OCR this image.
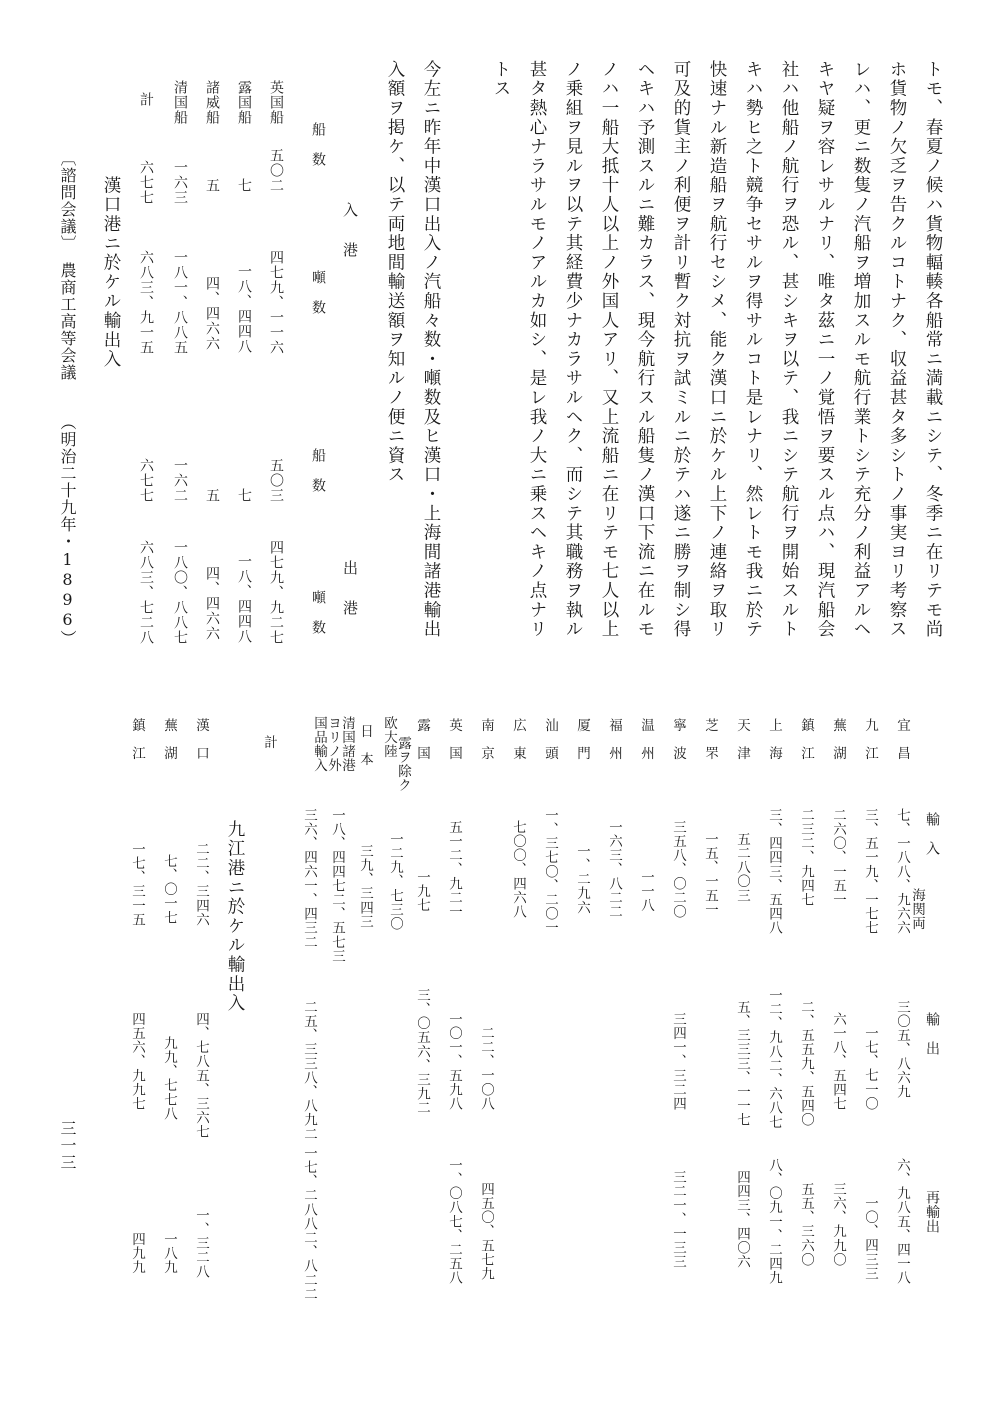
トモ、春夏ノ候ハ貨物輻輳各船常ニ満載ニシテ、冬季ニ在リテモ尚
ホ貨物ノ欠乏ヲ告クルコトナク、収益甚タ多シトノ事実ヨリ考察ス
レハ、更ニ数隻ノ汽船ヲ増加スルモ航行業トシテ充分ノ利益アルヘ
キヤ疑ヲ容レサルナリ、唯タ茲ニ一ノ覚悟ヲ要スル点ハ、現汽船会
社ハ他船ノ航行ヲ恐ル、甚シキヲ以テ、我ニシテ航行ヲ開始スルト
キハ勢ヒ之ト競争セサルヲ得サルコト是レナリ、然レトモ我ニ於テ
快速ナル新造船ヲ航行セシメ、能ク漢口ニ於ケル上下ノ連絡ヲ取リ
可及的貨主ノ利便ヲ計リ暫ク対抗ヲ試ミルニ於テハ遂ニ勝ヲ制シ得
ヘキハ予測スルニ難カラス、現今航行スル船隻ノ漢口下流ニ在ルモ
ノハ一船大抵十人以上ノ外国人アリ、又上流船ニ在リテモ七人以上
ノ乗組ヲ見ルヲ以テ其経費少ナカラサルヘク、而シテ其職務ヲ執ル
甚タ熱心ナラサルモノアルカ如シ、是レ我ノ大ニ乗スヘキノ点ナリ
トス
今左ニ昨年中漢口出入ノ汽船々数・噸数及ヒ漢口・上海間諸港輸出
入額ヲ掲ケ、以テ両地間輸送額ヲ知ルノ便ニ資ス
入　港
出　港
船　数
噸　数
船　数
噸　数
英国船
五〇二
四七九、一一六
五〇三
四七九、九二七
露国船
七
一八、四四八
七
一八、四四八
諸威船
五
四、四六六
五
四、四六六
清国船
一六三
一八一、八八五
一六二
一八〇、八八七
計
六七七
六八三、九一五
六七七
六八三、七二八
漢口港ニ於ケル輸出入
輸　入
輸　出
再輸出
宜　昌
七、一八八、九六六 海関両
三〇五、八六九
六、九八五、四一八
九　江
三、五一九、一七七
一七、七一〇
一〇、四三三
蕪　湖
二六〇、一五一
六一八、五四七
三六、九九〇
鎮　江
二三二、九四七
二、五五九、五四〇
五五、三六〇
上　海
三、四四三、五四八
一二、九八二、六八七
八、〇九一、二四九
天　津
五二八〇三
五、三三三、一一七
四四三、四〇六
芝　罘
一五、一五一
寧　波
三五八、〇二〇
三四一、三二四
三二一、一三三
温　州
一一八
福　州
一六三、八二二
厦　門
一、二九六
汕　頭
一、三七〇、二〇一
広　東
七〇〇、四六八
南　京
二二、一〇八
四五〇、五七九
英　国
五一二、九二一
一〇一、五九八
一、〇八七、二五八
露　国
一九七
三、〇五六、三九二
欧大陸
露ヲ除ク
一二九、七三〇
日　本
三九、三四三
清国諸港
ヨリノ外
国品輸入
一八、四四七二、五七三
計
三六、四六一、四三二
二五、三三八、八九二
一七、二八八二、八二二
九江港ニ於ケル輸出入
漢　口
二二、三四六
四、七八五、三六七
一、三二八
蕪　湖
七、〇一七
九九、七七八
一八九
鎮　江
一七、三一五
四五六、九九七
四九九
〔諮問会議〕
農商工高等会議
（明治二十九年・1896）
三一三
